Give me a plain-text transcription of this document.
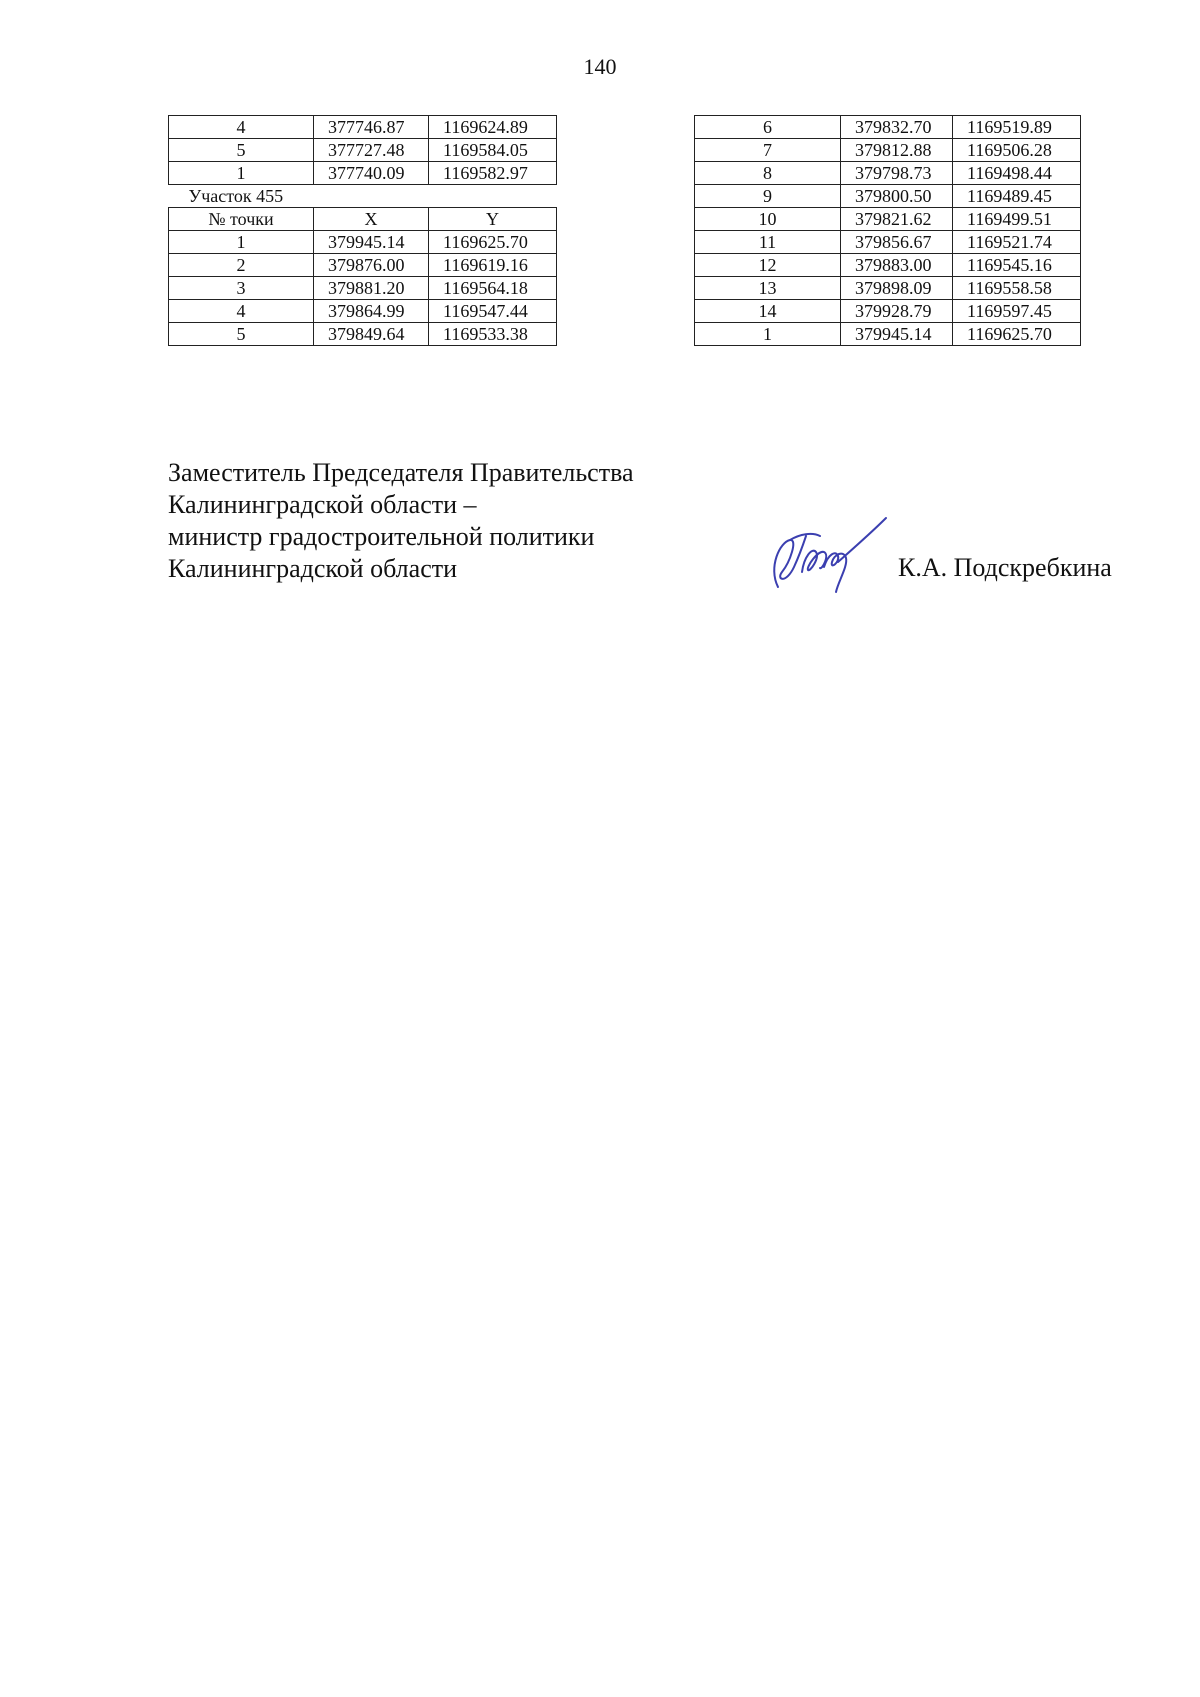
140
4	377746.87	1169624.89
5	377727.48	1169584.05
1	377740.09	1169582.97
Участок 455		
№ точки	X	Y
1	379945.14	1169625.70
2	379876.00	1169619.16
3	379881.20	1169564.18
4	379864.99	1169547.44
5	379849.64	1169533.38
6	379832.70	1169519.89
7	379812.88	1169506.28
8	379798.73	1169498.44
9	379800.50	1169489.45
10	379821.62	1169499.51
11	379856.67	1169521.74
12	379883.00	1169545.16
13	379898.09	1169558.58
14	379928.79	1169597.45
1	379945.14	1169625.70
Заместитель Председателя Правительства
Калининградской области –
министр градостроительной политики
Калининградской области	К.А. Подскребкина
